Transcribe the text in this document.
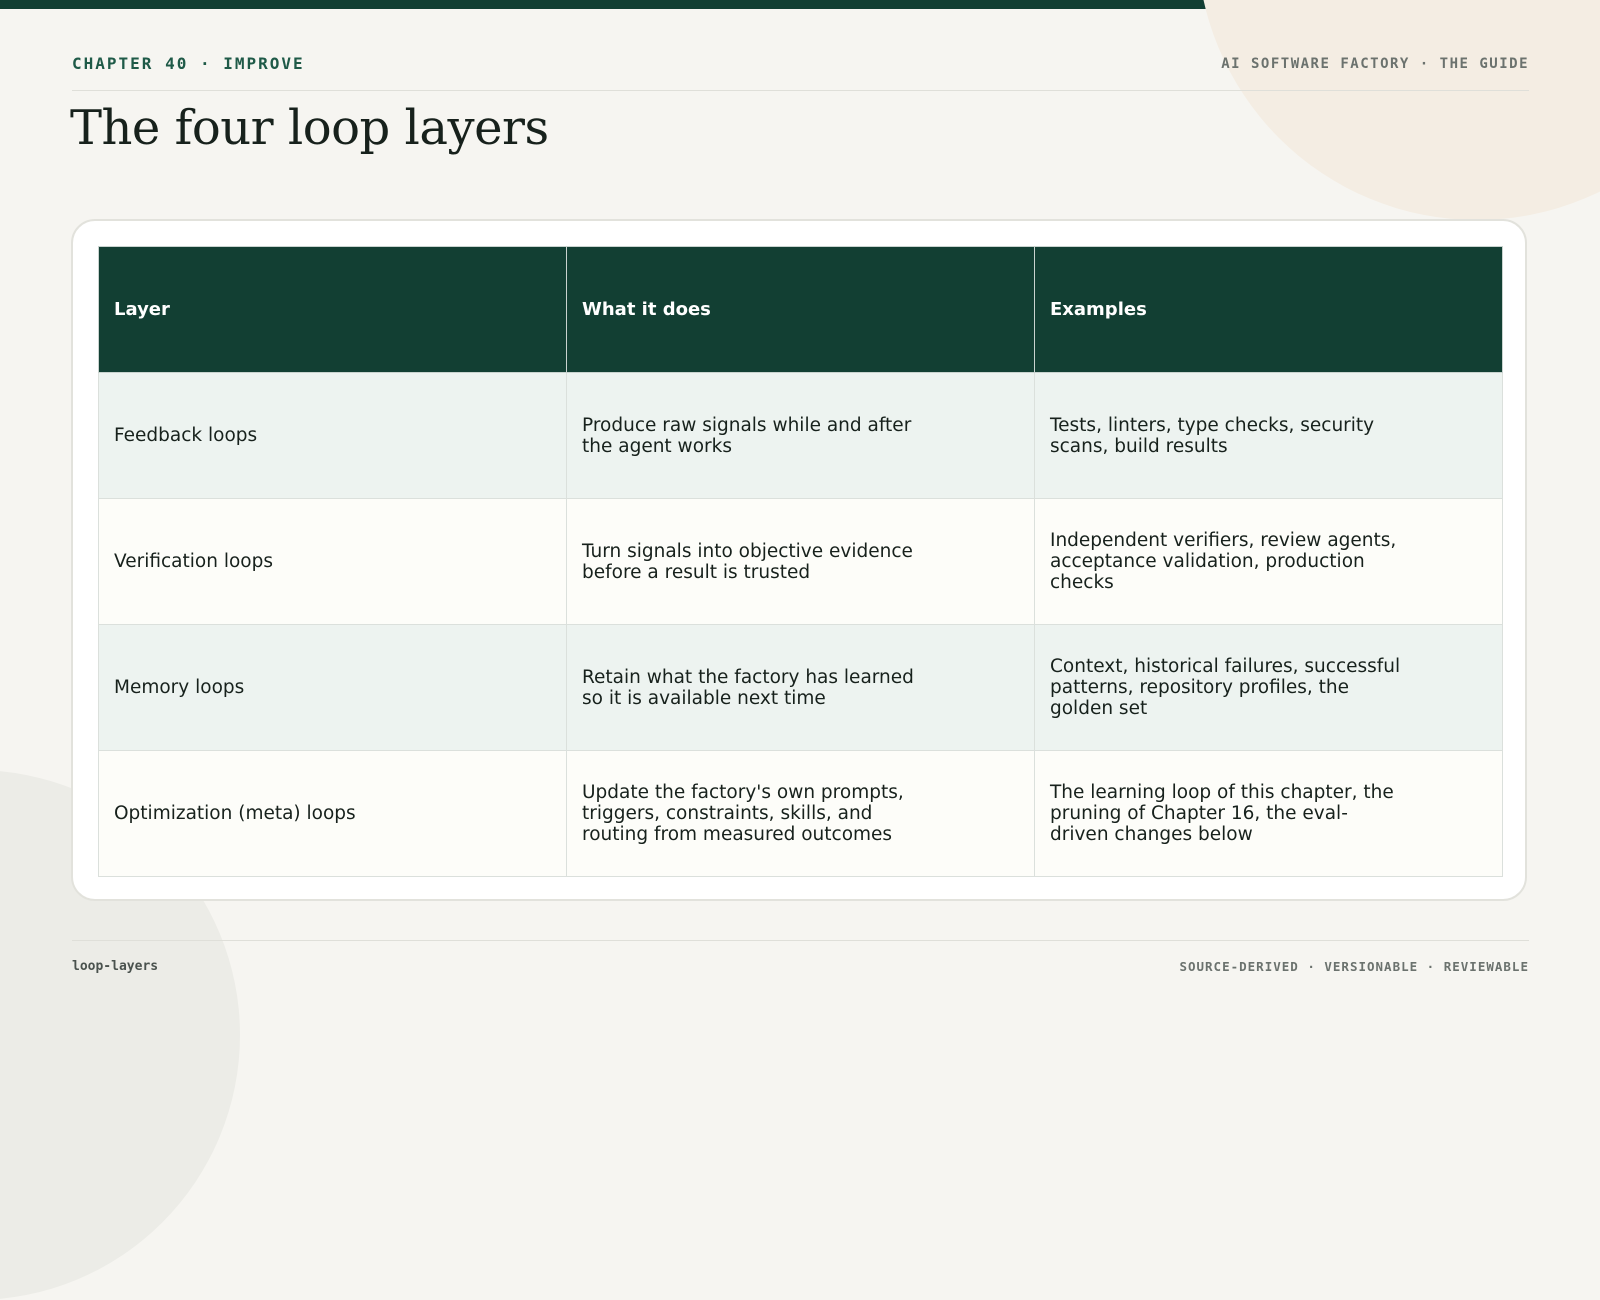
CHAPTER 40 · IMPROVE	AI SOFTWARE FACTORY · THE GUIDE
The four loop layers
Layer	What it does	Examples
Feedback loops	Produce raw signals while and after the agent works	Tests, linters, type checks, security scans, build results
Verification loops	Turn signals into objective evidence before a result is trusted	Independent verifiers, review agents, acceptance validation, production checks
Memory loops	Retain what the factory has learned so it is available next time	Context, historical failures, successful patterns, repository profiles, the golden set
Optimization (meta) loops	Update the factory's own prompts, triggers, constraints, skills, and routing from measured outcomes	The learning loop of this chapter, the pruning of Chapter 16, the eval-driven changes below
loop-layers	SOURCE-DERIVED · VERSIONABLE · REVIEWABLE
